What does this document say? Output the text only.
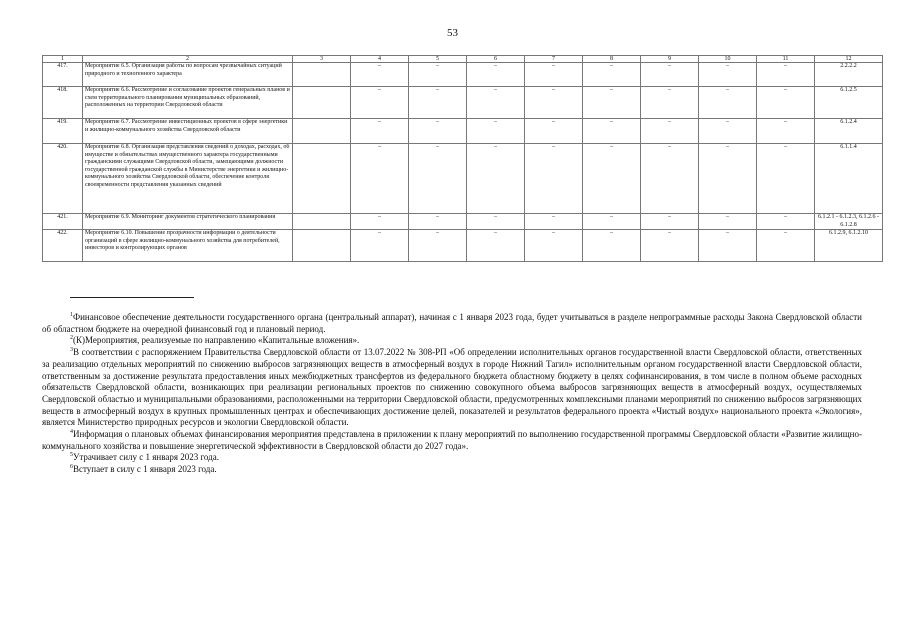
53
1	2	3	4	5	6	7	8	9	10	11	12
417.	Мероприятие 6.5. Организация работы по вопросам чрезвычайных ситуаций природного и техногенного характера		–	–	–	–	–	–	–	–	2.2.2.2
418.	Мероприятие 6.6. Рассмотрение и согласование проектов генеральных планов и схем территориального планирования муниципальных образований, расположенных на территории Свердловской области		–	–	–	–	–	–	–	–	6.1.2.5
419.	Мероприятие 6.7. Рассмотрение инвестиционных проектов в сфере энергетики и жилищно-коммунального хозяйства Свердловской области		–	–	–	–	–	–	–	–	6.1.2.4
420.	Мероприятие 6.8. Организация представления сведений о доходах, расходах, об имуществе и обязательствах имущественного характера государственными гражданскими служащими Свердловской области, замещающими должности государственной гражданской службы в Министерстве энергетики и жилищно-коммунального хозяйства Свердловской области, обеспечение контроля своевременности представления указанных сведений		–	–	–	–	–	–	–	–	6.1.1.4
421.	Мероприятие 6.9. Мониторинг документов стратегического планирования		–	–	–	–	–	–	–	–	6.1.2.1 - 6.1.2.3, 6.1.2.6 - 6.1.2.8
422.	Мероприятие 6.10. Повышение прозрачности информации о деятельности организаций в сфере жилищно-коммунального хозяйства для потребителей, инвесторов и контролирующих органов		–	–	–	–	–	–	–	–	6.1.2.9, 6.1.2.10

$^1$Финансовое обеспечение деятельности государственного органа (центральный аппарат), начиная с 1 января 2023 года, будет учитываться в разделе непрограммные расходы Закона Свердловской области об областном бюджете на очередной финансовый год и плановый период.

$^2$(К)Мероприятия, реализуемые по направлению «Капитальные вложения».

$^3$В соответствии с распоряжением Правительства Свердловской области от 13.07.2022 № 308-РП «Об определении исполнительных органов государственной власти Свердловской области, ответственных за реализацию отдельных мероприятий по снижению выбросов загрязняющих веществ в атмосферный воздух в городе Нижний Тагил» исполнительным органом государственной власти Свердловской области, ответственным за достижение результата предоставления иных межбюджетных трансфертов из федерального бюджета областному бюджету в целях софинансирования, в том числе в полном объеме расходных обязательств Свердловской области, возникающих при реализации региональных проектов по снижению совокупного объема выбросов загрязняющих веществ в атмосферный воздух, осуществляемых Свердловской областью и муниципальными образованиями, расположенными на территории Свердловской области, предусмотренных комплексными планами мероприятий по снижению выбросов загрязняющих веществ в атмосферный воздух в крупных промышленных центрах и обеспечивающих достижение целей, показателей и результатов федерального проекта «Чистый воздух» национального проекта «Экология», является Министерство природных ресурсов и экологии Свердловской области.

$^4$Информация о плановых объемах финансирования мероприятия представлена в приложении к плану мероприятий по выполнению государственной программы Свердловской области «Развитие жилищно-коммунального хозяйства и повышение энергетической эффективности в Свердловской области до 2027 года».

$^5$Утрачивает силу с 1 января 2023 года.

$^6$Вступает в силу с 1 января 2023 года.
